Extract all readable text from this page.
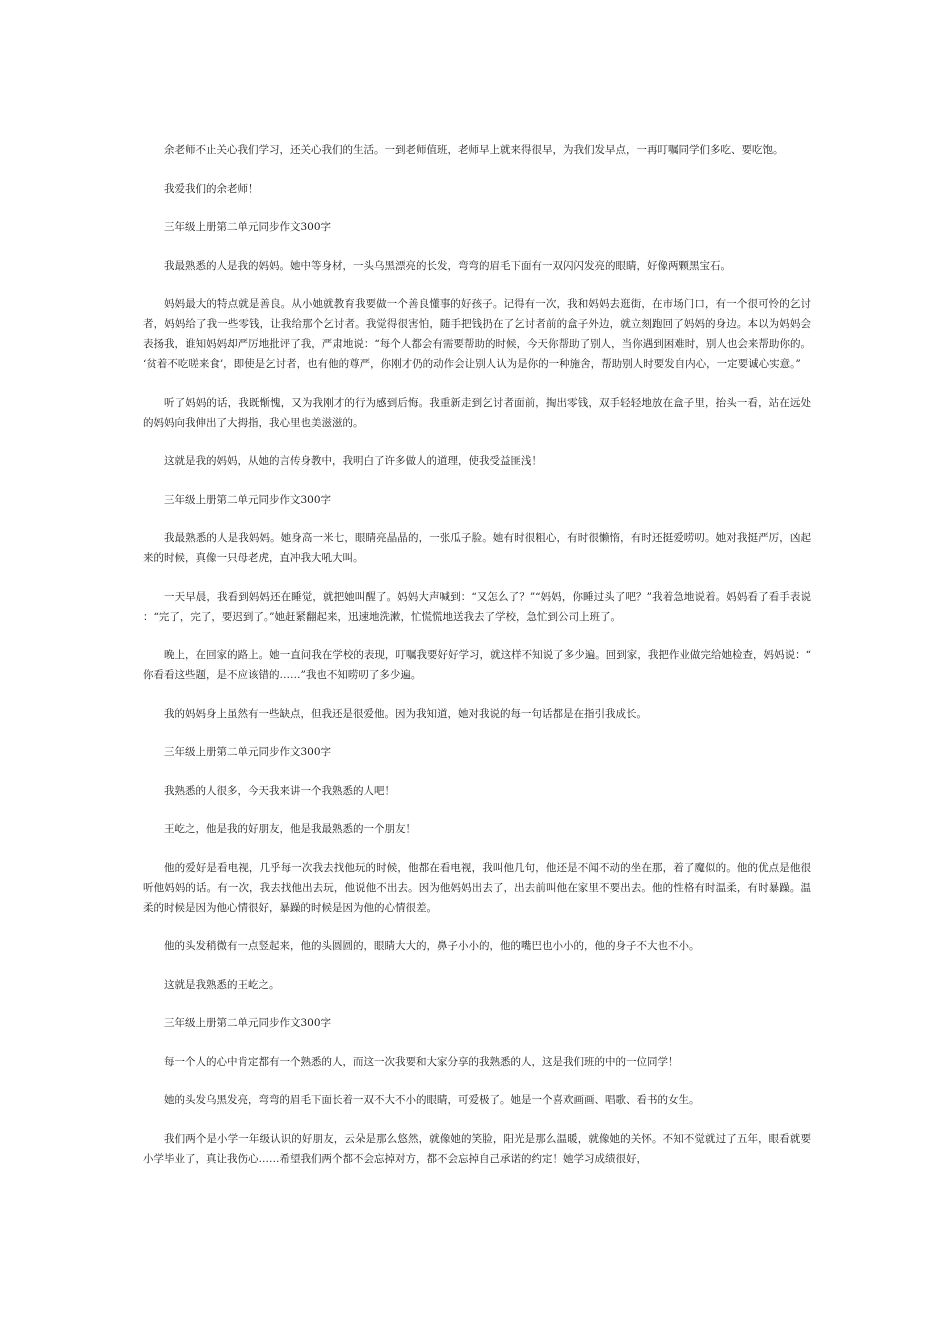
余老师不止关心我们学习，还关心我们的生活。一到老师值班，老师早上就来得很早，为我们发早点，一再叮嘱同学们多吃、要吃饱。

我爱我们的余老师！

三年级上册第二单元同步作文300字

我最熟悉的人是我的妈妈。她中等身材，一头乌黑漂亮的长发，弯弯的眉毛下面有一双闪闪发亮的眼睛，好像两颗黑宝石。

妈妈最大的特点就是善良。从小她就教育我要做一个善良懂事的好孩子。记得有一次，我和妈妈去逛街，在市场门口，有一个很可怜的乞讨者，妈妈给了我一些零钱，让我给那个乞讨者。我觉得很害怕，随手把钱扔在了乞讨者前的盒子外边，就立刻跑回了妈妈的身边。本以为妈妈会表扬我，谁知妈妈却严厉地批评了我，严肃地说：“每个人都会有需要帮助的时候，今天你帮助了别人，当你遇到困难时，别人也会来帮助你的。‘贫着不吃嗟来食’，即使是乞讨者，也有他的尊严，你刚才仍的动作会让别人认为是你的一种施舍，帮助别人时要发自内心，一定要诚心实意。”

听了妈妈的话，我既惭愧，又为我刚才的行为感到后悔。我重新走到乞讨者面前，掏出零钱，双手轻轻地放在盒子里，抬头一看，站在远处的妈妈向我伸出了大拇指，我心里也美滋滋的。

这就是我的妈妈，从她的言传身教中，我明白了许多做人的道理，使我受益匪浅！

三年级上册第二单元同步作文300字

我最熟悉的人是我妈妈。她身高一米七，眼睛亮晶晶的，一张瓜子脸。她有时很粗心，有时很懒惰，有时还挺爱唠叨。她对我挺严厉，凶起来的时候，真像一只母老虎，直冲我大吼大叫。

一天早晨，我看到妈妈还在睡觉，就把她叫醒了。妈妈大声喊到：“又怎么了？”“妈妈，你睡过头了吧？”我着急地说着。妈妈看了看手表说：“完了，完了，要迟到了。”她赶紧翻起来，迅速地洗漱，忙慌慌地送我去了学校，急忙到公司上班了。

晚上，在回家的路上。她一直问我在学校的表现，叮嘱我要好好学习，就这样不知说了多少遍。回到家，我把作业做完给她检查，妈妈说：“你看看这些题，是不应该错的……”我也不知唠叨了多少遍。

我的妈妈身上虽然有一些缺点，但我还是很爱他。因为我知道，她对我说的每一句话都是在指引我成长。

三年级上册第二单元同步作文300字

我熟悉的人很多，今天我来讲一个我熟悉的人吧！

王屹之，他是我的好朋友，他是我最熟悉的一个朋友！

他的爱好是看电视，几乎每一次我去找他玩的时候，他都在看电视，我叫他几句，他还是不闻不动的坐在那，着了魔似的。他的优点是他很听他妈妈的话。有一次，我去找他出去玩，他说他不出去。因为他妈妈出去了，出去前叫他在家里不要出去。他的性格有时温柔，有时暴躁。温柔的时候是因为他心情很好，暴躁的时候是因为他的心情很差。

他的头发稍微有一点竖起来，他的头圆圆的，眼睛大大的，鼻子小小的，他的嘴巴也小小的，他的身子不大也不小。

这就是我熟悉的王屹之。

三年级上册第二单元同步作文300字

每一个人的心中肯定都有一个熟悉的人，而这一次我要和大家分享的我熟悉的人，这是我们班的中的一位同学！

她的头发乌黑发亮，弯弯的眉毛下面长着一双不大不小的眼睛，可爱极了。她是一个喜欢画画、唱歌、看书的女生。

我们两个是小学一年级认识的好朋友，云朵是那么悠然，就像她的笑脸，阳光是那么温暖，就像她的关怀。不知不觉就过了五年，眼看就要小学毕业了，真让我伤心……希望我们两个都不会忘掉对方，都不会忘掉自己承诺的约定！她学习成绩很好，
